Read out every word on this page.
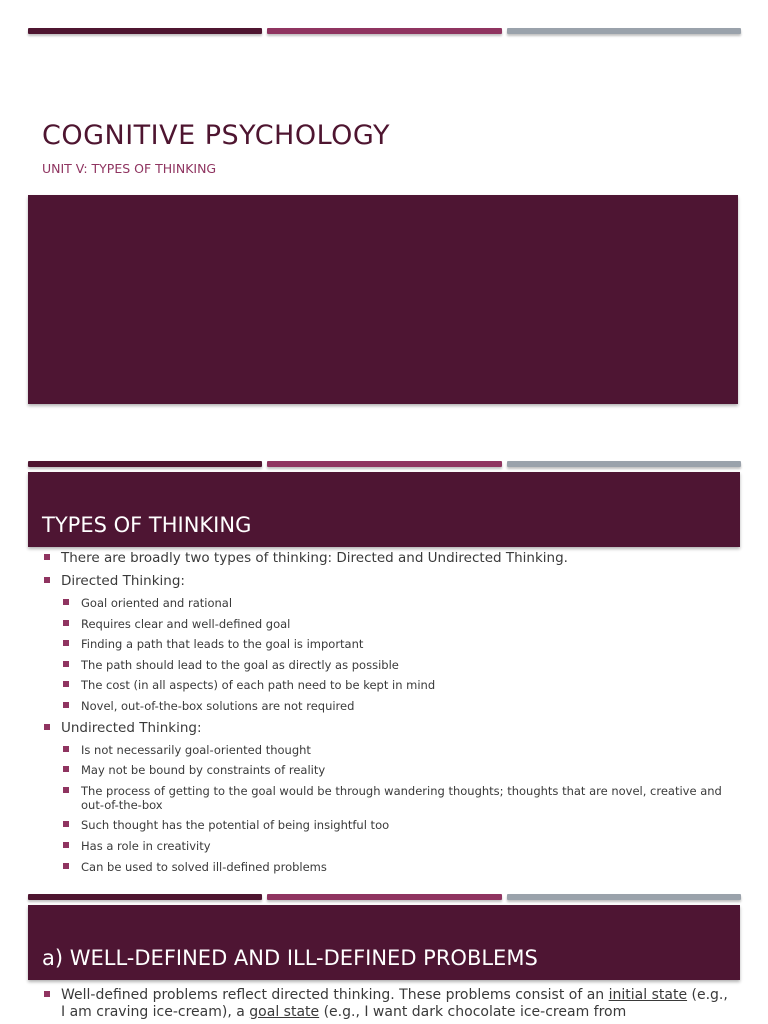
COGNITIVE PSYCHOLOGY
UNIT V: TYPES OF THINKING
TYPES OF THINKING
There are broadly two types of thinking: Directed and Undirected Thinking.
Directed Thinking:
Goal oriented and rational
Requires clear and well-defined goal
Finding a path that leads to the goal is important
The path should lead to the goal as directly as possible
The cost (in all aspects) of each path need to be kept in mind
Novel, out-of-the-box solutions are not required
Undirected Thinking:
Is not necessarily goal-oriented thought
May not be bound by constraints of reality
The process of getting to the goal would be through wandering thoughts; thoughts that are novel, creative and out-of-the-box
Such thought has the potential of being insightful too
Has a role in creativity
Can be used to solved ill-defined problems
a) WELL-DEFINED AND ILL-DEFINED PROBLEMS
Well-defined problems reflect directed thinking. These problems consist of an initial state (e.g., I am craving ice-cream), a goal state (e.g., I want dark chocolate ice-cream from
